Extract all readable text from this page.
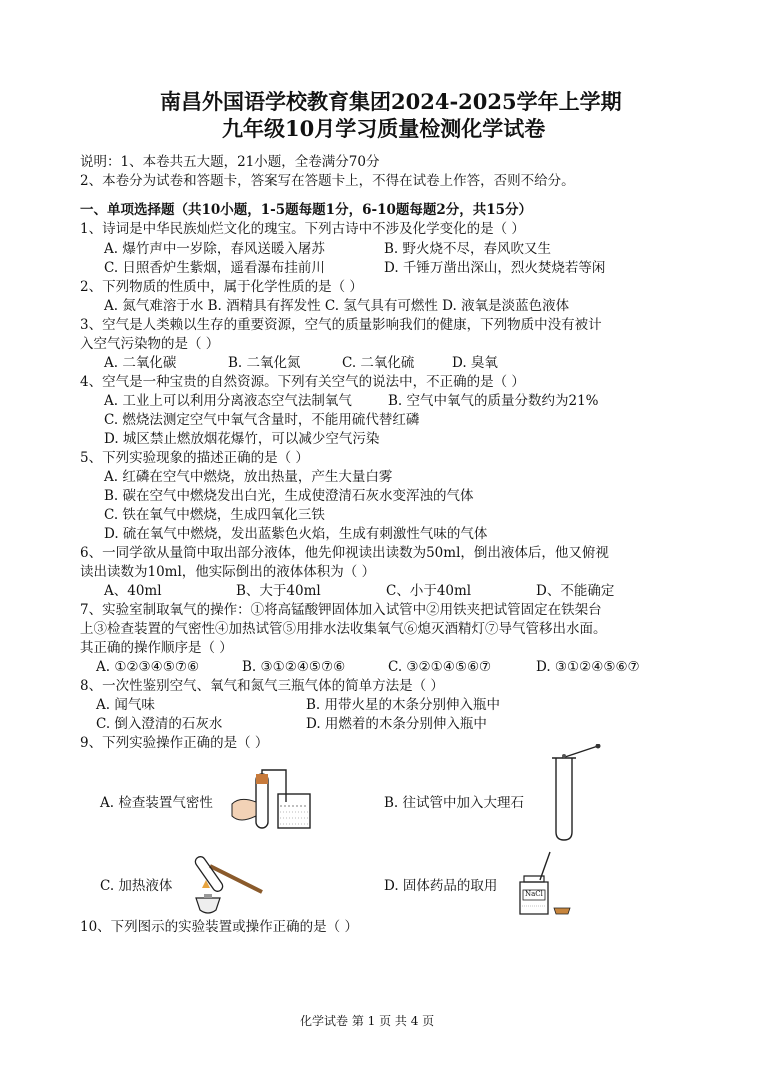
南昌外国语学校教育集团2024-2025学年上学期
九年级10月学习质量检测化学试卷
说明：1、本卷共五大题，21小题，全卷满分70分
2、本卷分为试卷和答题卡，答案写在答题卡上，不得在试卷上作答，否则不给分。
一、单项选择题（共10小题，1-5题每题1分，6-10题每题2分，共15分）
1、诗词是中华民族灿烂文化的瑰宝。下列古诗中不涉及化学变化的是（ ）
A. 爆竹声中一岁除，春风送暖入屠苏	B. 野火烧不尽，春风吹又生
C. 日照香炉生紫烟，遥看瀑布挂前川	D. 千锤万凿出深山，烈火焚烧若等闲
2、下列物质的性质中，属于化学性质的是（ ）
A. 氮气难溶于水 B. 酒精具有挥发性 C. 氢气具有可燃性 D. 液氧是淡蓝色液体
3、空气是人类赖以生存的重要资源，空气的质量影响我们的健康，下列物质中没有被计
入空气污染物的是（ ）
A. 二氧化碳	B. 二氧化氮	C. 二氧化硫	D. 臭氧
4、空气是一种宝贵的自然资源。下列有关空气的说法中，不正确的是（ ）
A. 工业上可以利用分离液态空气法制氧气	B. 空气中氧气的质量分数约为21%
C. 燃烧法测定空气中氧气含量时，不能用硫代替红磷
D. 城区禁止燃放烟花爆竹，可以减少空气污染
5、下列实验现象的描述正确的是（ ）
A. 红磷在空气中燃烧，放出热量，产生大量白雾
B. 碳在空气中燃烧发出白光，生成使澄清石灰水变浑浊的气体
C. 铁在氧气中燃烧，生成四氧化三铁
D. 硫在氧气中燃烧，发出蓝紫色火焰，生成有刺激性气味的气体
6、一同学欲从量筒中取出部分液体，他先仰视读出读数为50ml，倒出液体后，他又俯视
读出读数为10ml，他实际倒出的液体体积为（ ）
A、40ml	B、大于40ml	C、小于40ml	D、不能确定
7、实验室制取氧气的操作：①将高锰酸钾固体加入试管中②用铁夹把试管固定在铁架台
上③检查装置的气密性④加热试管⑤用排水法收集氧气⑥熄灭酒精灯⑦导气管移出水面。
其正确的操作顺序是（ ）
A. ①②③④⑤⑦⑥	B. ③①②④⑤⑦⑥	C. ③②①④⑤⑥⑦	D. ③①②④⑤⑥⑦
8、一次性鉴别空气、氧气和氮气三瓶气体的简单方法是（ ）
A. 闻气味	B. 用带火星的木条分别伸入瓶中
C. 倒入澄清的石灰水	D. 用燃着的木条分别伸入瓶中
9、下列实验操作正确的是（ ）
A. 检查装置气密性	B. 往试管中加入大理石
C. 加热液体	D. 固体药品的取用	NaCl
10、下列图示的实验装置或操作正确的是（ ）
化学试卷 第 1 页 共 4 页
